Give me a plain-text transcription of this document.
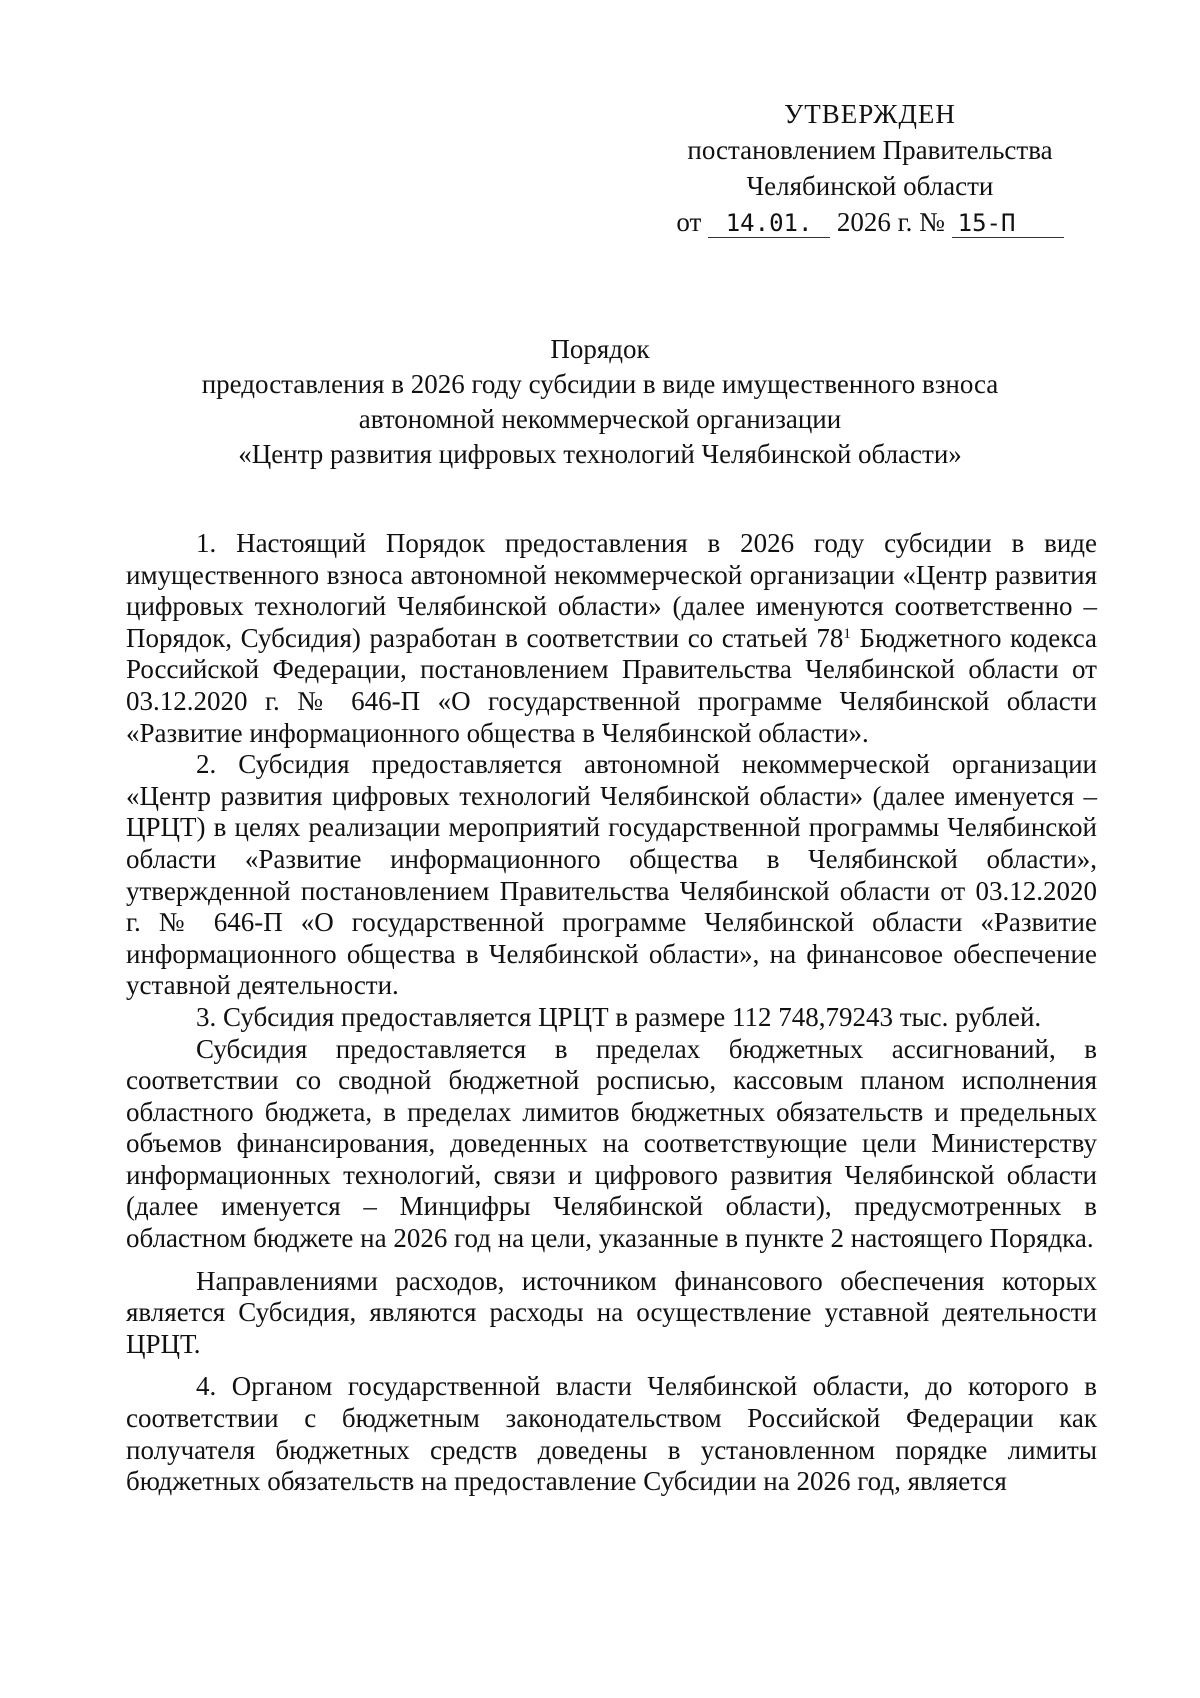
УТВЕРЖДЕН
постановлением Правительства
Челябинской области
от 14.01. 2026 г. № 15-П
Порядок
предоставления в 2026 году субсидии в виде имущественного взноса
автономной некоммерческой организации
«Центр развития цифровых технологий Челябинской области»

1. Настоящий Порядок предоставления в 2026 году субсидии в виде имущественного взноса автономной некоммерческой организации «Центр развития цифровых технологий Челябинской области» (далее именуются соответственно – Порядок, Субсидия) разработан в соответствии со статьей $78^1$ Бюджетного кодекса Российской Федерации, постановлением Правительства Челябинской области от 03.12.2020 г. № 646-П «О государственной программе Челябинской области «Развитие информационного общества в Челябинской области».

2. Субсидия предоставляется автономной некоммерческой организации «Центр развития цифровых технологий Челябинской области» (далее именуется – ЦРЦТ) в целях реализации мероприятий государственной программы Челябинской области «Развитие информационного общества в Челябинской области», утвержденной постановлением Правительства Челябинской области от 03.12.2020 г. № 646-П «О государственной программе Челябинской области «Развитие информационного общества в Челябинской области», на финансовое обеспечение уставной деятельности.

3. Субсидия предоставляется ЦРЦТ в размере 112 748,79243 тыс. рублей.

Субсидия предоставляется в пределах бюджетных ассигнований, в соответствии со сводной бюджетной росписью, кассовым планом исполнения областного бюджета, в пределах лимитов бюджетных обязательств и предельных объемов финансирования, доведенных на соответствующие цели Министерству информационных технологий, связи и цифрового развития Челябинской области (далее именуется – Минцифры Челябинской области), предусмотренных в областном бюджете на 2026 год на цели, указанные в пункте 2 настоящего Порядка.

Направлениями расходов, источником финансового обеспечения которых является Субсидия, являются расходы на осуществление уставной деятельности ЦРЦТ.

4. Органом государственной власти Челябинской области, до которого в соответствии с бюджетным законодательством Российской Федерации как получателя бюджетных средств доведены в установленном порядке лимиты бюджетных обязательств на предоставление Субсидии на 2026 год, является
